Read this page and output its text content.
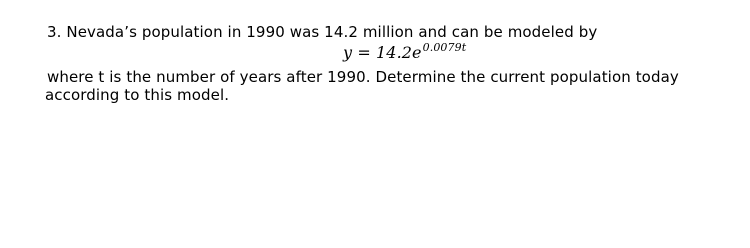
3. Nevada’s population in 1990 was 14.2 million and can be modeled by
$y = 14.2e^{0.0079t}$
where t is the number of years after 1990. Determine the current population today
according to this model.
